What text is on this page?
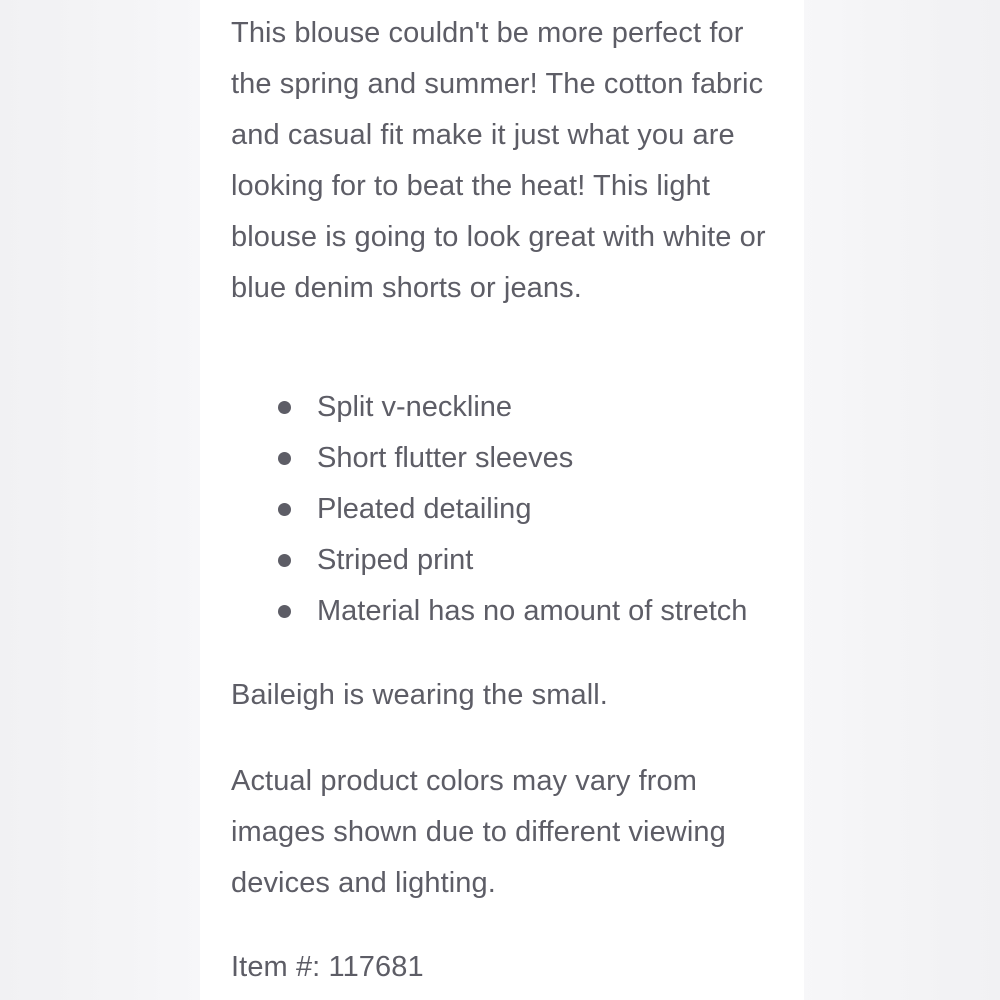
This blouse couldn't be more perfect for
the spring and summer! The cotton fabric
and casual fit make it just what you are
looking for to beat the heat! This light
blouse is going to look great with white or
blue denim shorts or jeans.
Split v-neckline
Short flutter sleeves
Pleated detailing
Striped print
Material has no amount of stretch
Baileigh is wearing the small.
Actual product colors may vary from
images shown due to different viewing
devices and lighting.
Item #: 117681
